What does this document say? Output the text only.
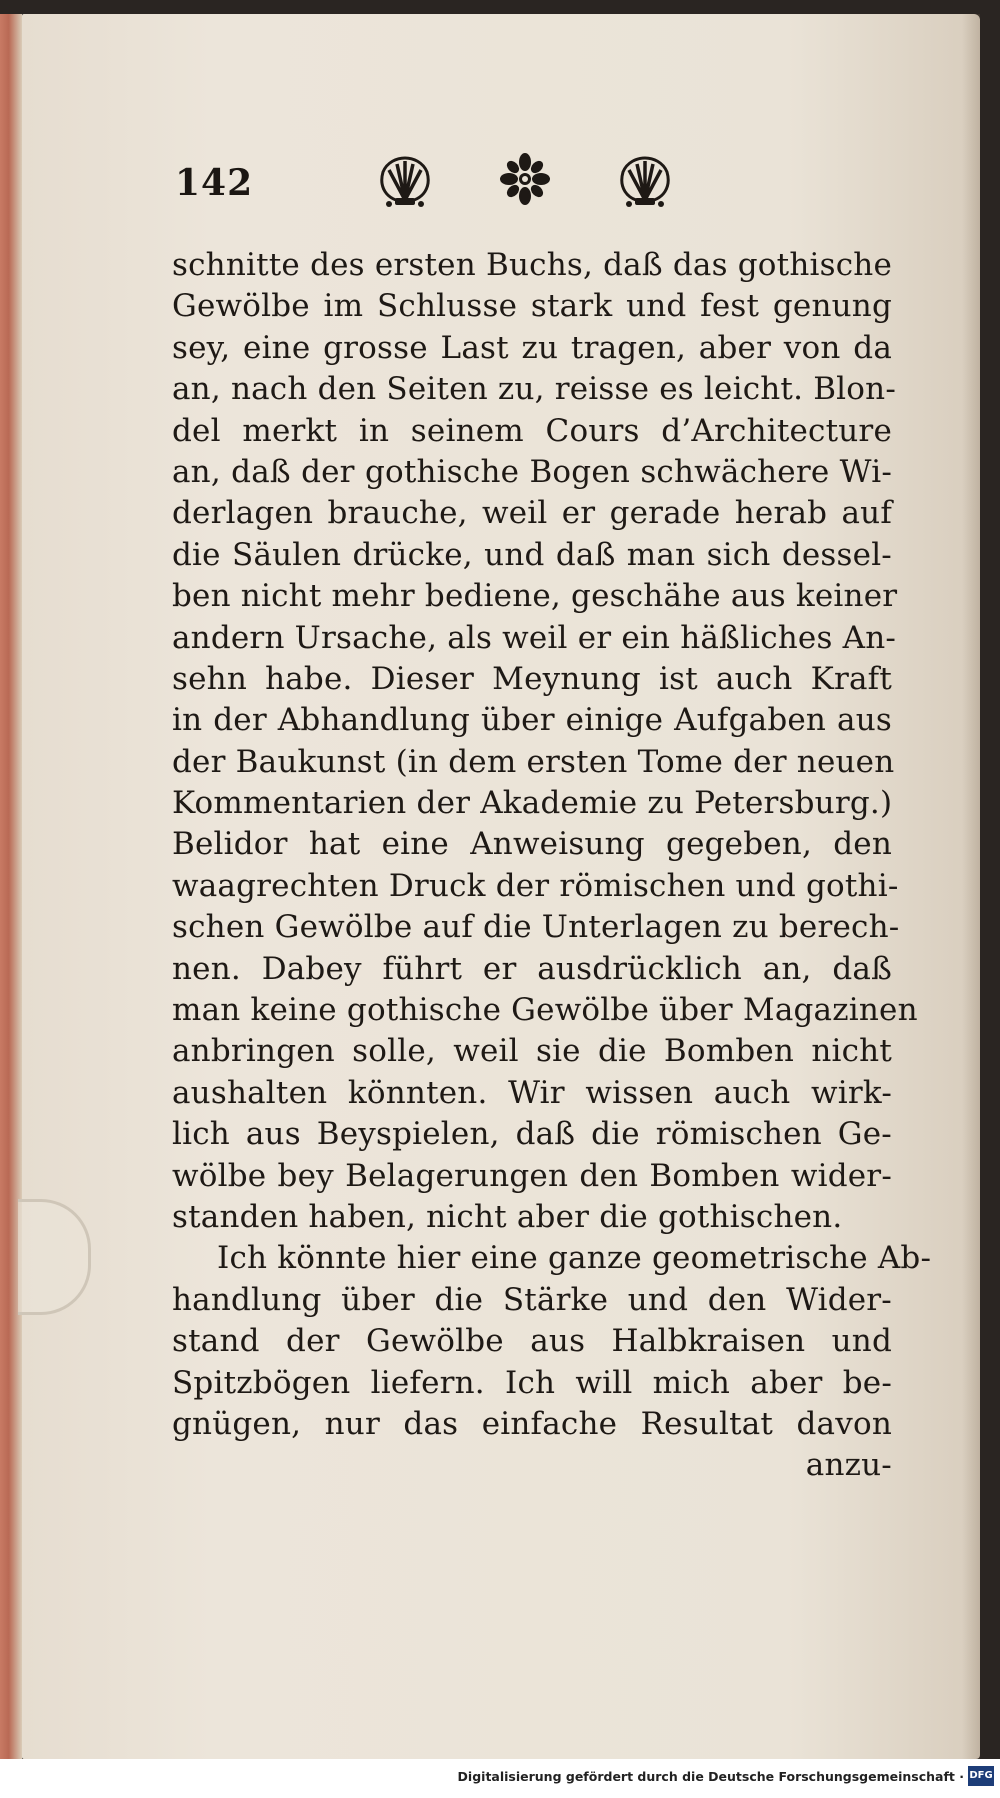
142
schnitte des ersten Buchs, daß das gothische
Gewölbe im Schlusse stark und fest genung
sey, eine grosse Last zu tragen, aber von da
an, nach den Seiten zu, reisse es leicht. Blon-
del merkt in seinem Cours d’Architecture
an, daß der gothische Bogen schwächere Wi-
derlagen brauche, weil er gerade herab auf
die Säulen drücke, und daß man sich dessel-
ben nicht mehr bediene, geschähe aus keiner
andern Ursache, als weil er ein häßliches An-
sehn habe. Dieser Meynung ist auch Kraft
in der Abhandlung über einige Aufgaben aus
der Baukunst (in dem ersten Tome der neuen
Kommentarien der Akademie zu Petersburg.)
Belidor hat eine Anweisung gegeben, den
waagrechten Druck der römischen und gothi-
schen Gewölbe auf die Unterlagen zu berech-
nen. Dabey führt er ausdrücklich an, daß
man keine gothische Gewölbe über Magazinen
anbringen solle, weil sie die Bomben nicht
aushalten könnten. Wir wissen auch wirk-
lich aus Beyspielen, daß die römischen Ge-
wölbe bey Belagerungen den Bomben wider-
standen haben, nicht aber die gothischen.
Ich könnte hier eine ganze geometrische Ab-
handlung über die Stärke und den Wider-
stand der Gewölbe aus Halbkraisen und
Spitzbögen liefern. Ich will mich aber be-
gnügen, nur das einfache Resultat davon
anzu-
Digitalisierung gefördert durch die Deutsche Forschungsgemeinschaft · DFG
